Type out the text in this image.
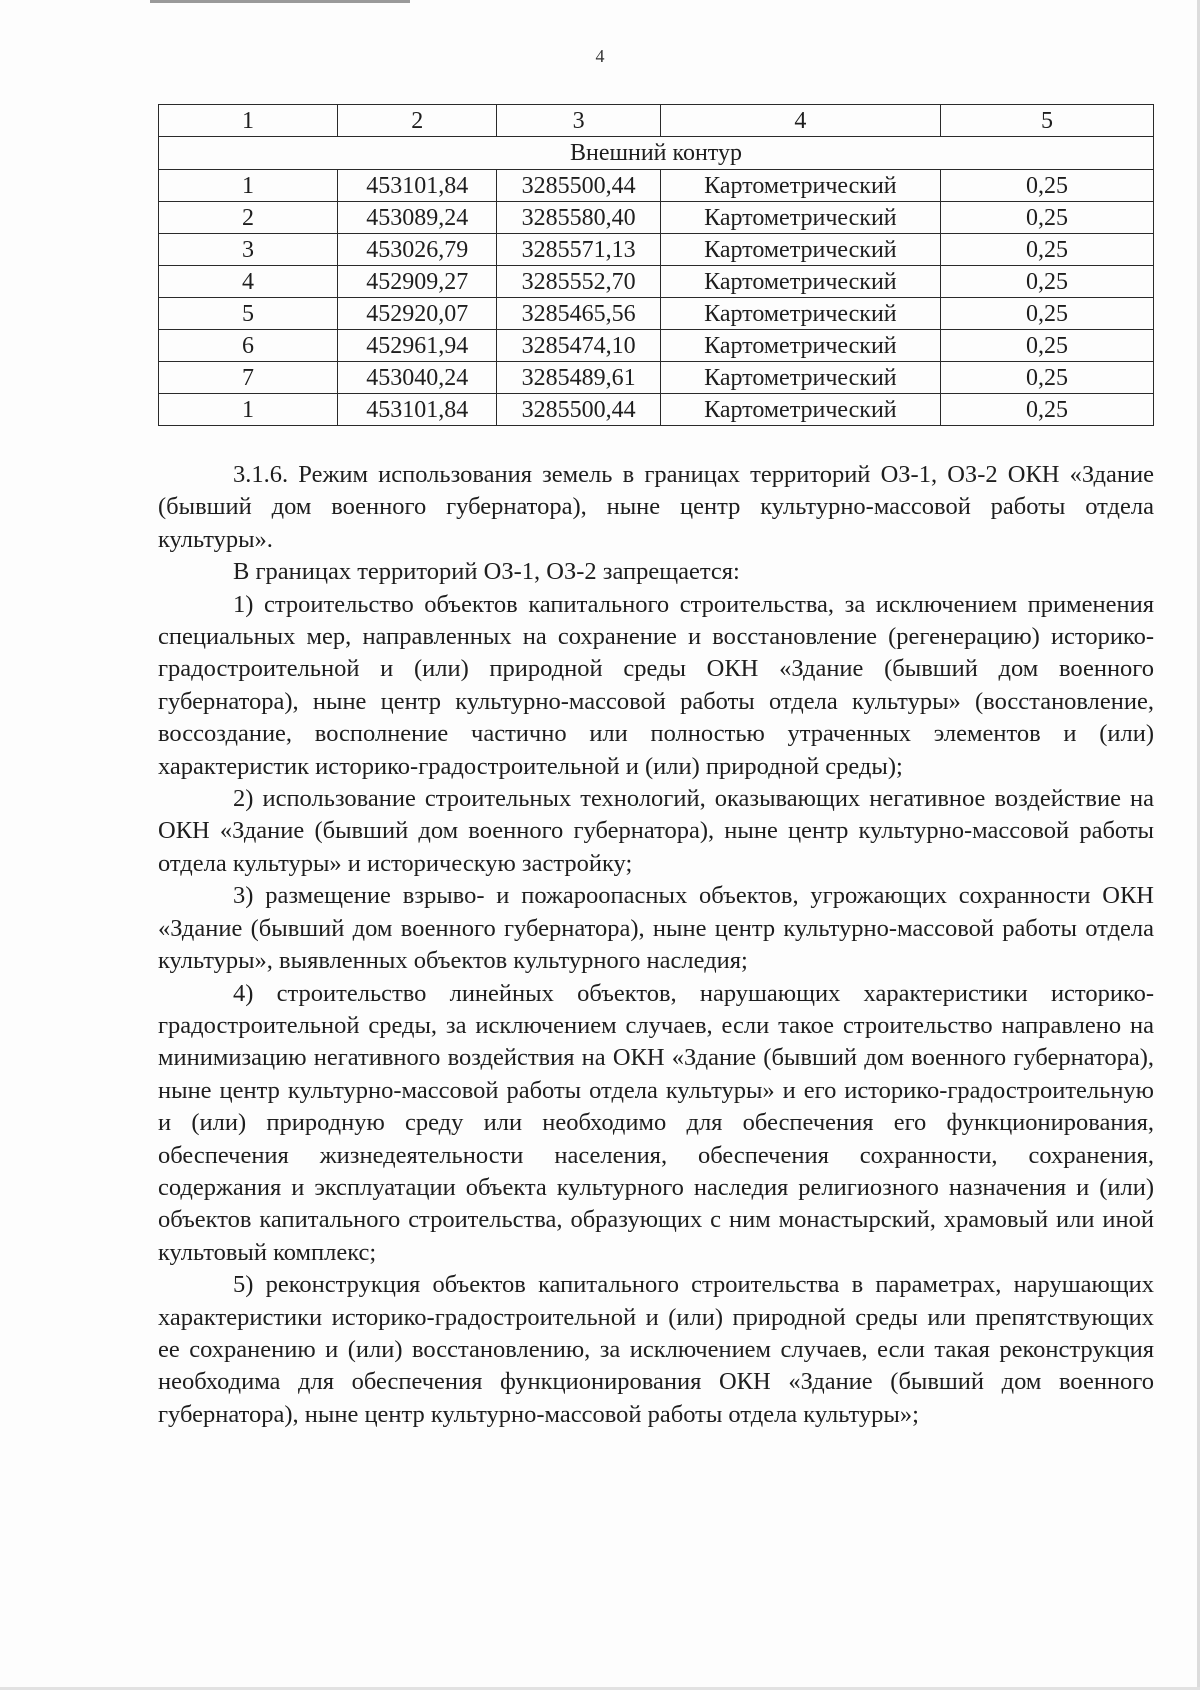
4
1	2	3	4	5
Внешний контур				
1	453101,84	3285500,44	Картометрический	0,25
2	453089,24	3285580,40	Картометрический	0,25
3	453026,79	3285571,13	Картометрический	0,25
4	452909,27	3285552,70	Картометрический	0,25
5	452920,07	3285465,56	Картометрический	0,25
6	452961,94	3285474,10	Картометрический	0,25
7	453040,24	3285489,61	Картометрический	0,25
1	453101,84	3285500,44	Картометрический	0,25

3.1.6. Режим использования земель в границах территорий ОЗ-1, ОЗ-2 ОКН «Здание (бывший дом военного губернатора), ныне центр культурно-массовой работы отдела культуры».

В границах территорий ОЗ-1, ОЗ-2 запрещается:

1) строительство объектов капитального строительства, за исключением применения специальных мер, направленных на сохранение и восстановление (регенерацию) историко-градостроительной и (или) природной среды ОКН «Здание (бывший дом военного губернатора), ныне центр культурно-массовой работы отдела культуры» (восстановление, воссоздание, восполнение частично или полностью утраченных элементов и (или) характеристик историко-градостроительной и (или) природной среды);

2) использование строительных технологий, оказывающих негативное воздействие на ОКН «Здание (бывший дом военного губернатора), ныне центр культурно-массовой работы отдела культуры» и историческую застройку;

3) размещение взрыво- и пожароопасных объектов, угрожающих сохранности ОКН «Здание (бывший дом военного губернатора), ныне центр культурно-массовой работы отдела культуры», выявленных объектов культурного наследия;

4) строительство линейных объектов, нарушающих характеристики историко-градостроительной среды, за исключением случаев, если такое строительство направлено на минимизацию негативного воздействия на ОКН «Здание (бывший дом военного губернатора), ныне центр культурно-массовой работы отдела культуры» и его историко-градостроительную и (или) природную среду или необходимо для обеспечения его функционирования, обеспечения жизнедеятельности населения, обеспечения сохранности, сохранения, содержания и эксплуатации объекта культурного наследия религиозного назначения и (или) объектов капитального строительства, образующих с ним монастырский, храмовый или иной культовый комплекс;

5) реконструкция объектов капитального строительства в параметрах, нарушающих характеристики историко-градостроительной и (или) природной среды или препятствующих ее сохранению и (или) восстановлению, за исключением случаев, если такая реконструкция необходима для обеспечения функционирования ОКН «Здание (бывший дом военного губернатора), ныне центр культурно-массовой работы отдела культуры»;
